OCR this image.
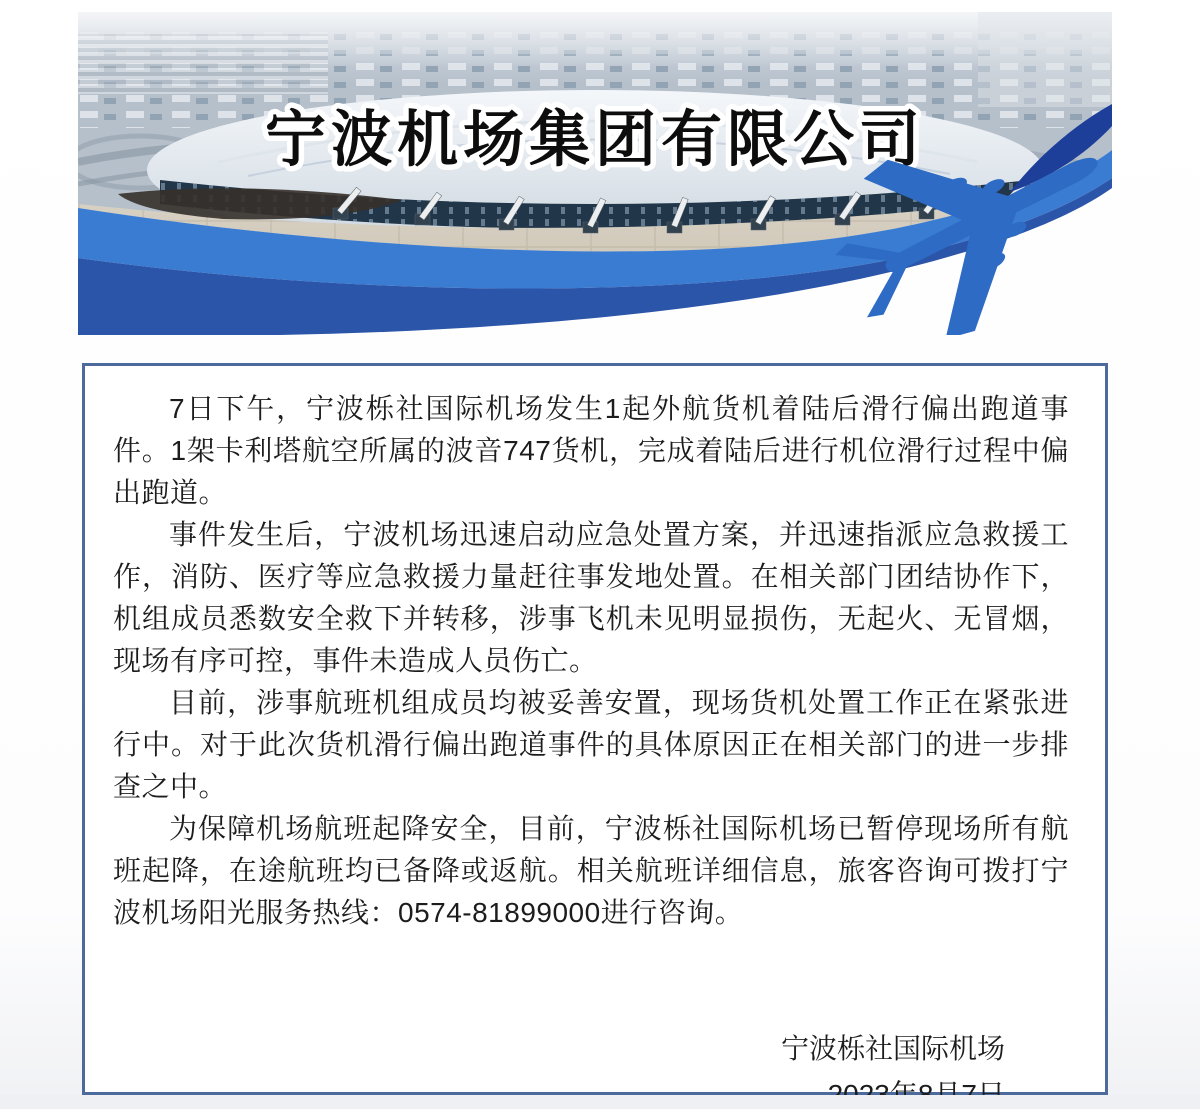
宁波机场集团有限公司

7日下午，宁波栎社国际机场发生1起外航货机着陆后滑行偏出跑道事件。1架卡利塔航空所属的波音747货机，完成着陆后进行机位滑行过程中偏出跑道。

事件发生后，宁波机场迅速启动应急处置方案，并迅速指派应急救援工作，消防、医疗等应急救援力量赶往事发地处置。在相关部门团结协作下，机组成员悉数安全救下并转移，涉事飞机未见明显损伤，无起火、无冒烟，现场有序可控，事件未造成人员伤亡。

目前，涉事航班机组成员均被妥善安置，现场货机处置工作正在紧张进行中。对于此次货机滑行偏出跑道事件的具体原因正在相关部门的进一步排查之中。

为保障机场航班起降安全，目前，宁波栎社国际机场已暂停现场所有航班起降，在途航班均已备降或返航。相关航班详细信息，旅客咨询可拨打宁波机场阳光服务热线：0574-81899000进行咨询。

宁波栎社国际机场
